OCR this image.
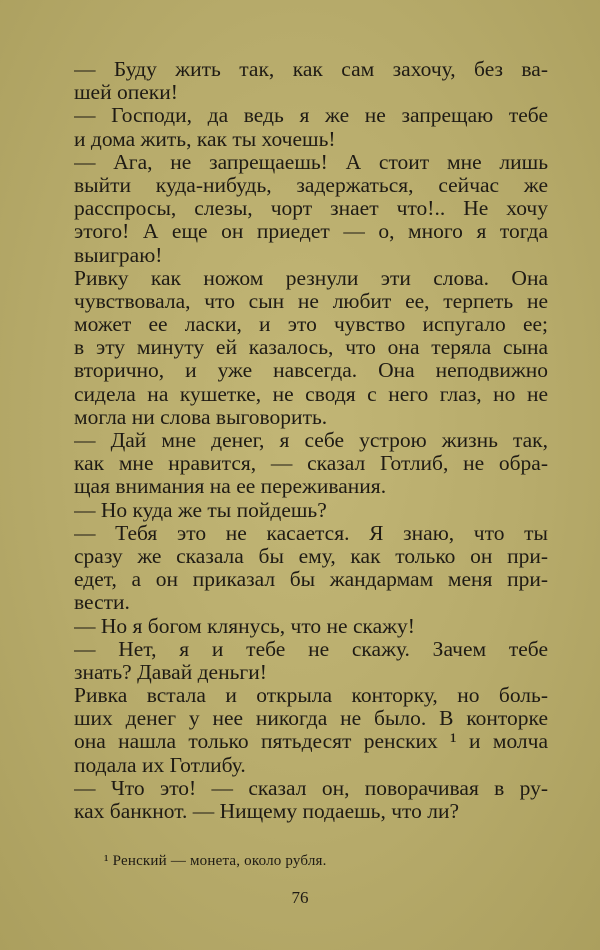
— Буду жить так, как сам захочу, без ва-
шей опеки!
— Господи, да ведь я же не запрещаю тебе
и дома жить, как ты хочешь!
— Ага, не запрещаешь! А стоит мне лишь
выйти куда-нибудь, задержаться, сейчас же
расспросы, слезы, чорт знает что!.. Не хочу
этого! А еще он приедет — о, много я тогда
выиграю!
Ривку как ножом резнули эти слова. Она
чувствовала, что сын не любит ее, терпеть не
может ее ласки, и это чувство испугало ее;
в эту минуту ей казалось, что она теряла сына
вторично, и уже навсегда. Она неподвижно
сидела на кушетке, не сводя с него глаз, но не
могла ни слова выговорить.
— Дай мне денег, я себе устрою жизнь так,
как мне нравится, — сказал Готлиб, не обра-
щая внимания на ее переживания.
— Но куда же ты пойдешь?
— Тебя это не касается. Я знаю, что ты
сразу же сказала бы ему, как только он при-
едет, а он приказал бы жандармам меня при-
вести.
— Но я богом клянусь, что не скажу!
— Нет, я и тебе не скажу. Зачем тебе
знать? Давай деньги!
Ривка встала и открыла конторку, но боль-
ших денег у нее никогда не было. В конторке
она нашла только пятьдесят ренских ¹ и молча
подала их Готлибу.
— Что это! — сказал он, поворачивая в ру-
ках банкнот. — Нищему подаешь, что ли?
¹ Ренский — монета, около рубля.
76
